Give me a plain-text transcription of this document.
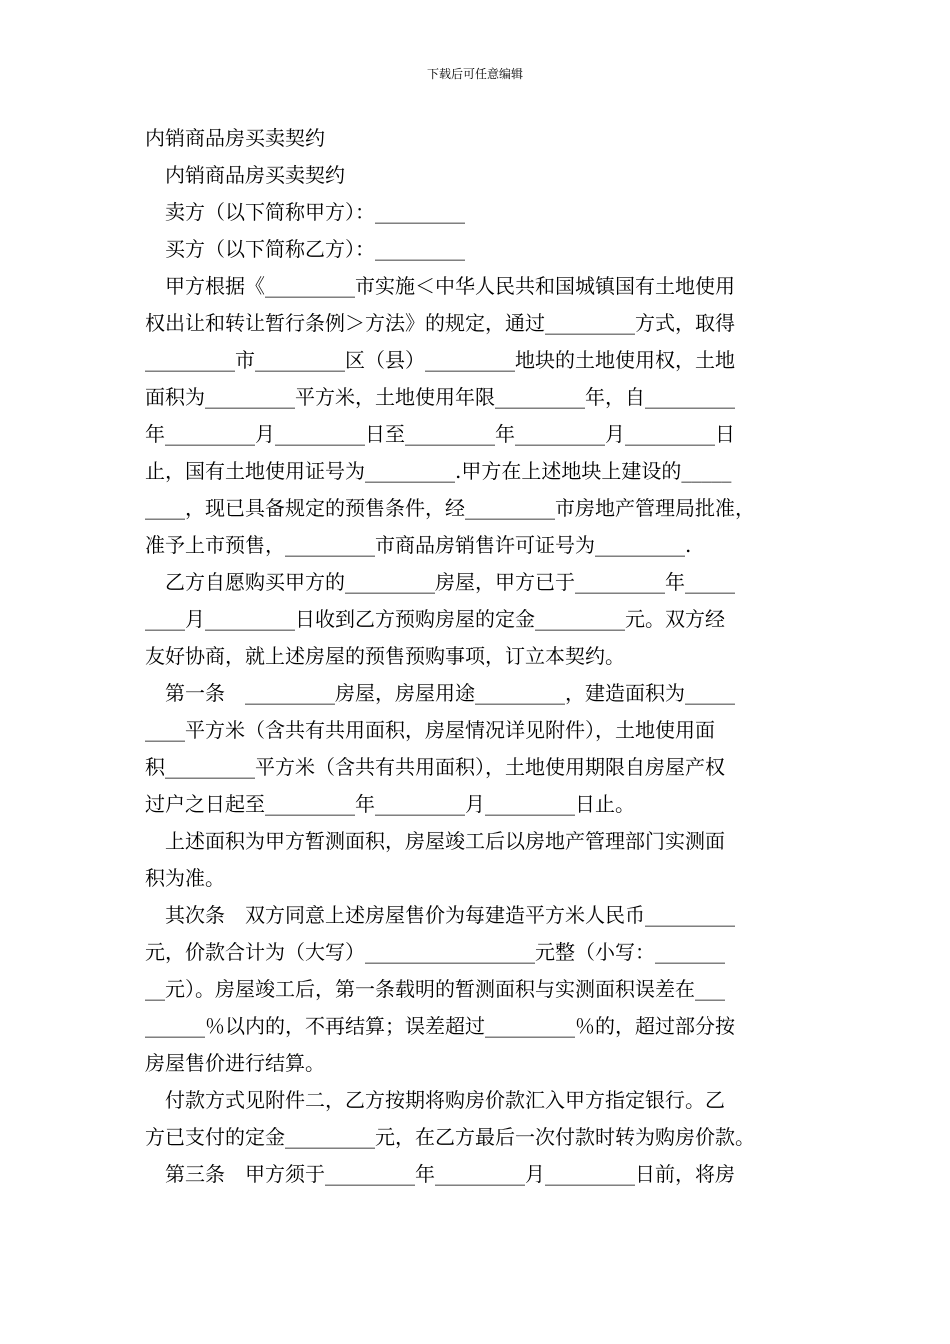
下载后可任意编辑
内销商品房买卖契约
内销商品房买卖契约
卖方（以下简称甲方）：_________
买方（以下简称乙方）：_________
甲方根据《_________市实施＜中华人民共和国城镇国有土地使用
权出让和转让暂行条例＞方法》的规定，通过_________方式，取得
_________市_________区（县）_________地块的土地使用权，土地
面积为_________平方米，土地使用年限_________年，自_________
年_________月_________日至_________年_________月_________日
止，国有土地使用证号为_________.甲方在上述地块上建设的_____
____，现已具备规定的预售条件，经_________市房地产管理局批准，
准予上市预售，_________市商品房销售许可证号为_________.
乙方自愿购买甲方的_________房屋，甲方已于_________年_____
____月_________日收到乙方预购房屋的定金_________元。双方经
友好协商，就上述房屋的预售预购事项，订立本契约。
第一条　_________房屋，房屋用途_________，建造面积为_____
____平方米（含共有共用面积，房屋情况详见附件），土地使用面
积_________平方米（含共有共用面积），土地使用期限自房屋产权
过户之日起至_________年_________月_________日止。
上述面积为甲方暂测面积，房屋竣工后以房地产管理部门实测面
积为准。
其次条　双方同意上述房屋售价为每建造平方米人民币_________
元，价款合计为（大写）_________________元整（小写：_______
__元）。房屋竣工后，第一条载明的暂测面积与实测面积误差在___
______％以内的，不再结算；误差超过_________％的，超过部分按
房屋售价进行结算。
付款方式见附件二，乙方按期将购房价款汇入甲方指定银行。乙
方已支付的定金_________元，在乙方最后一次付款时转为购房价款。
第三条　甲方须于_________年_________月_________日前，将房
